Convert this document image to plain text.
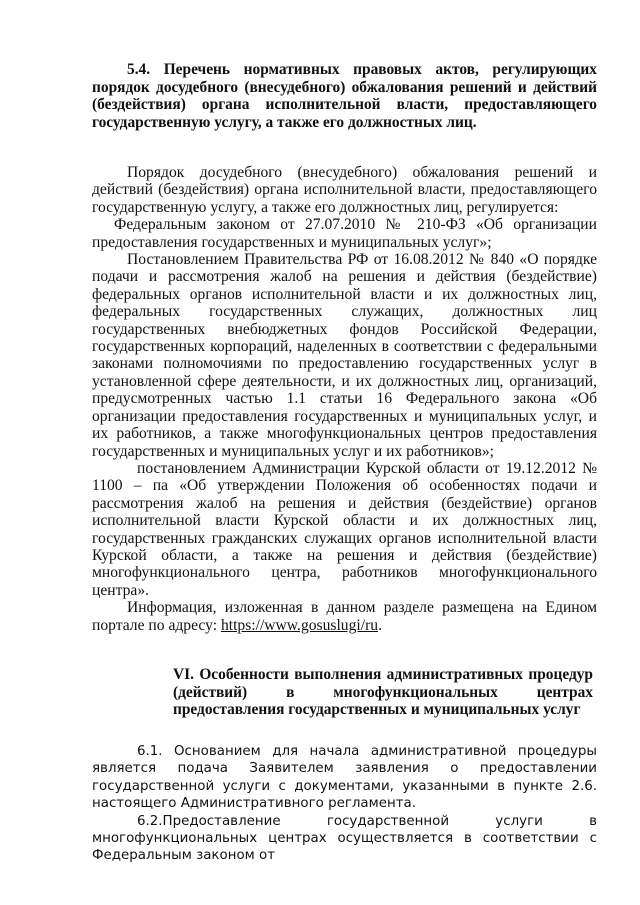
5.4. Перечень нормативных правовых актов, регулирующих порядок досудебного (внесудебного) обжалования решений и действий (бездействия) органа исполнительной власти, предоставляющего государственную услугу, а также его должностных лиц.

Порядок досудебного (внесудебного) обжалования решений и действий (бездействия) органа исполнительной власти, предоставляющего государственную услугу, а также его должностных лиц, регулируется:

Федеральным законом от 27.07.2010 № 210-ФЗ «Об организации предоставления государственных и муниципальных услуг»;

Постановлением Правительства РФ от 16.08.2012 № 840 «О порядке подачи и рассмотрения жалоб на решения и действия (бездействие) федеральных органов исполнительной власти и их должностных лиц, федеральных государственных служащих, должностных лиц государственных внебюджетных фондов Российской Федерации, государственных корпораций, наделенных в соответствии с федеральными законами полномочиями по предоставлению государственных услуг в установленной сфере деятельности, и их должностных лиц, организаций, предусмотренных частью 1.1 статьи 16 Федерального закона «Об организации предоставления государственных и муниципальных услуг, и их работников, а также многофункциональных центров предоставления государственных и муниципальных услуг и их работников»;

постановлением Администрации Курской области от 19.12.2012 № 1100 – па «Об утверждении Положения об особенностях подачи и рассмотрения жалоб на решения и действия (бездействие) органов исполнительной власти Курской области и их должностных лиц, государственных гражданских служащих органов исполнительной власти Курской области, а также на решения и действия (бездействие) многофункционального центра, работников многофункционального центра».

Информация, изложенная в данном разделе размещена на Едином портале по адресу: https://www.gosuslugi/ru.

VI. Особенности выполнения административных процедур (действий) в многофункциональных центрах предоставления государственных и муниципальных услуг

6.1. Основанием для начала административной процедуры является подача Заявителем заявления о предоставлении государственной услуги с документами, указанными в пункте 2.6. настоящего Административного регламента.

6.2.Предоставление государственной услуги в многофункциональных центрах осуществляется в соответствии с Федеральным законом от
